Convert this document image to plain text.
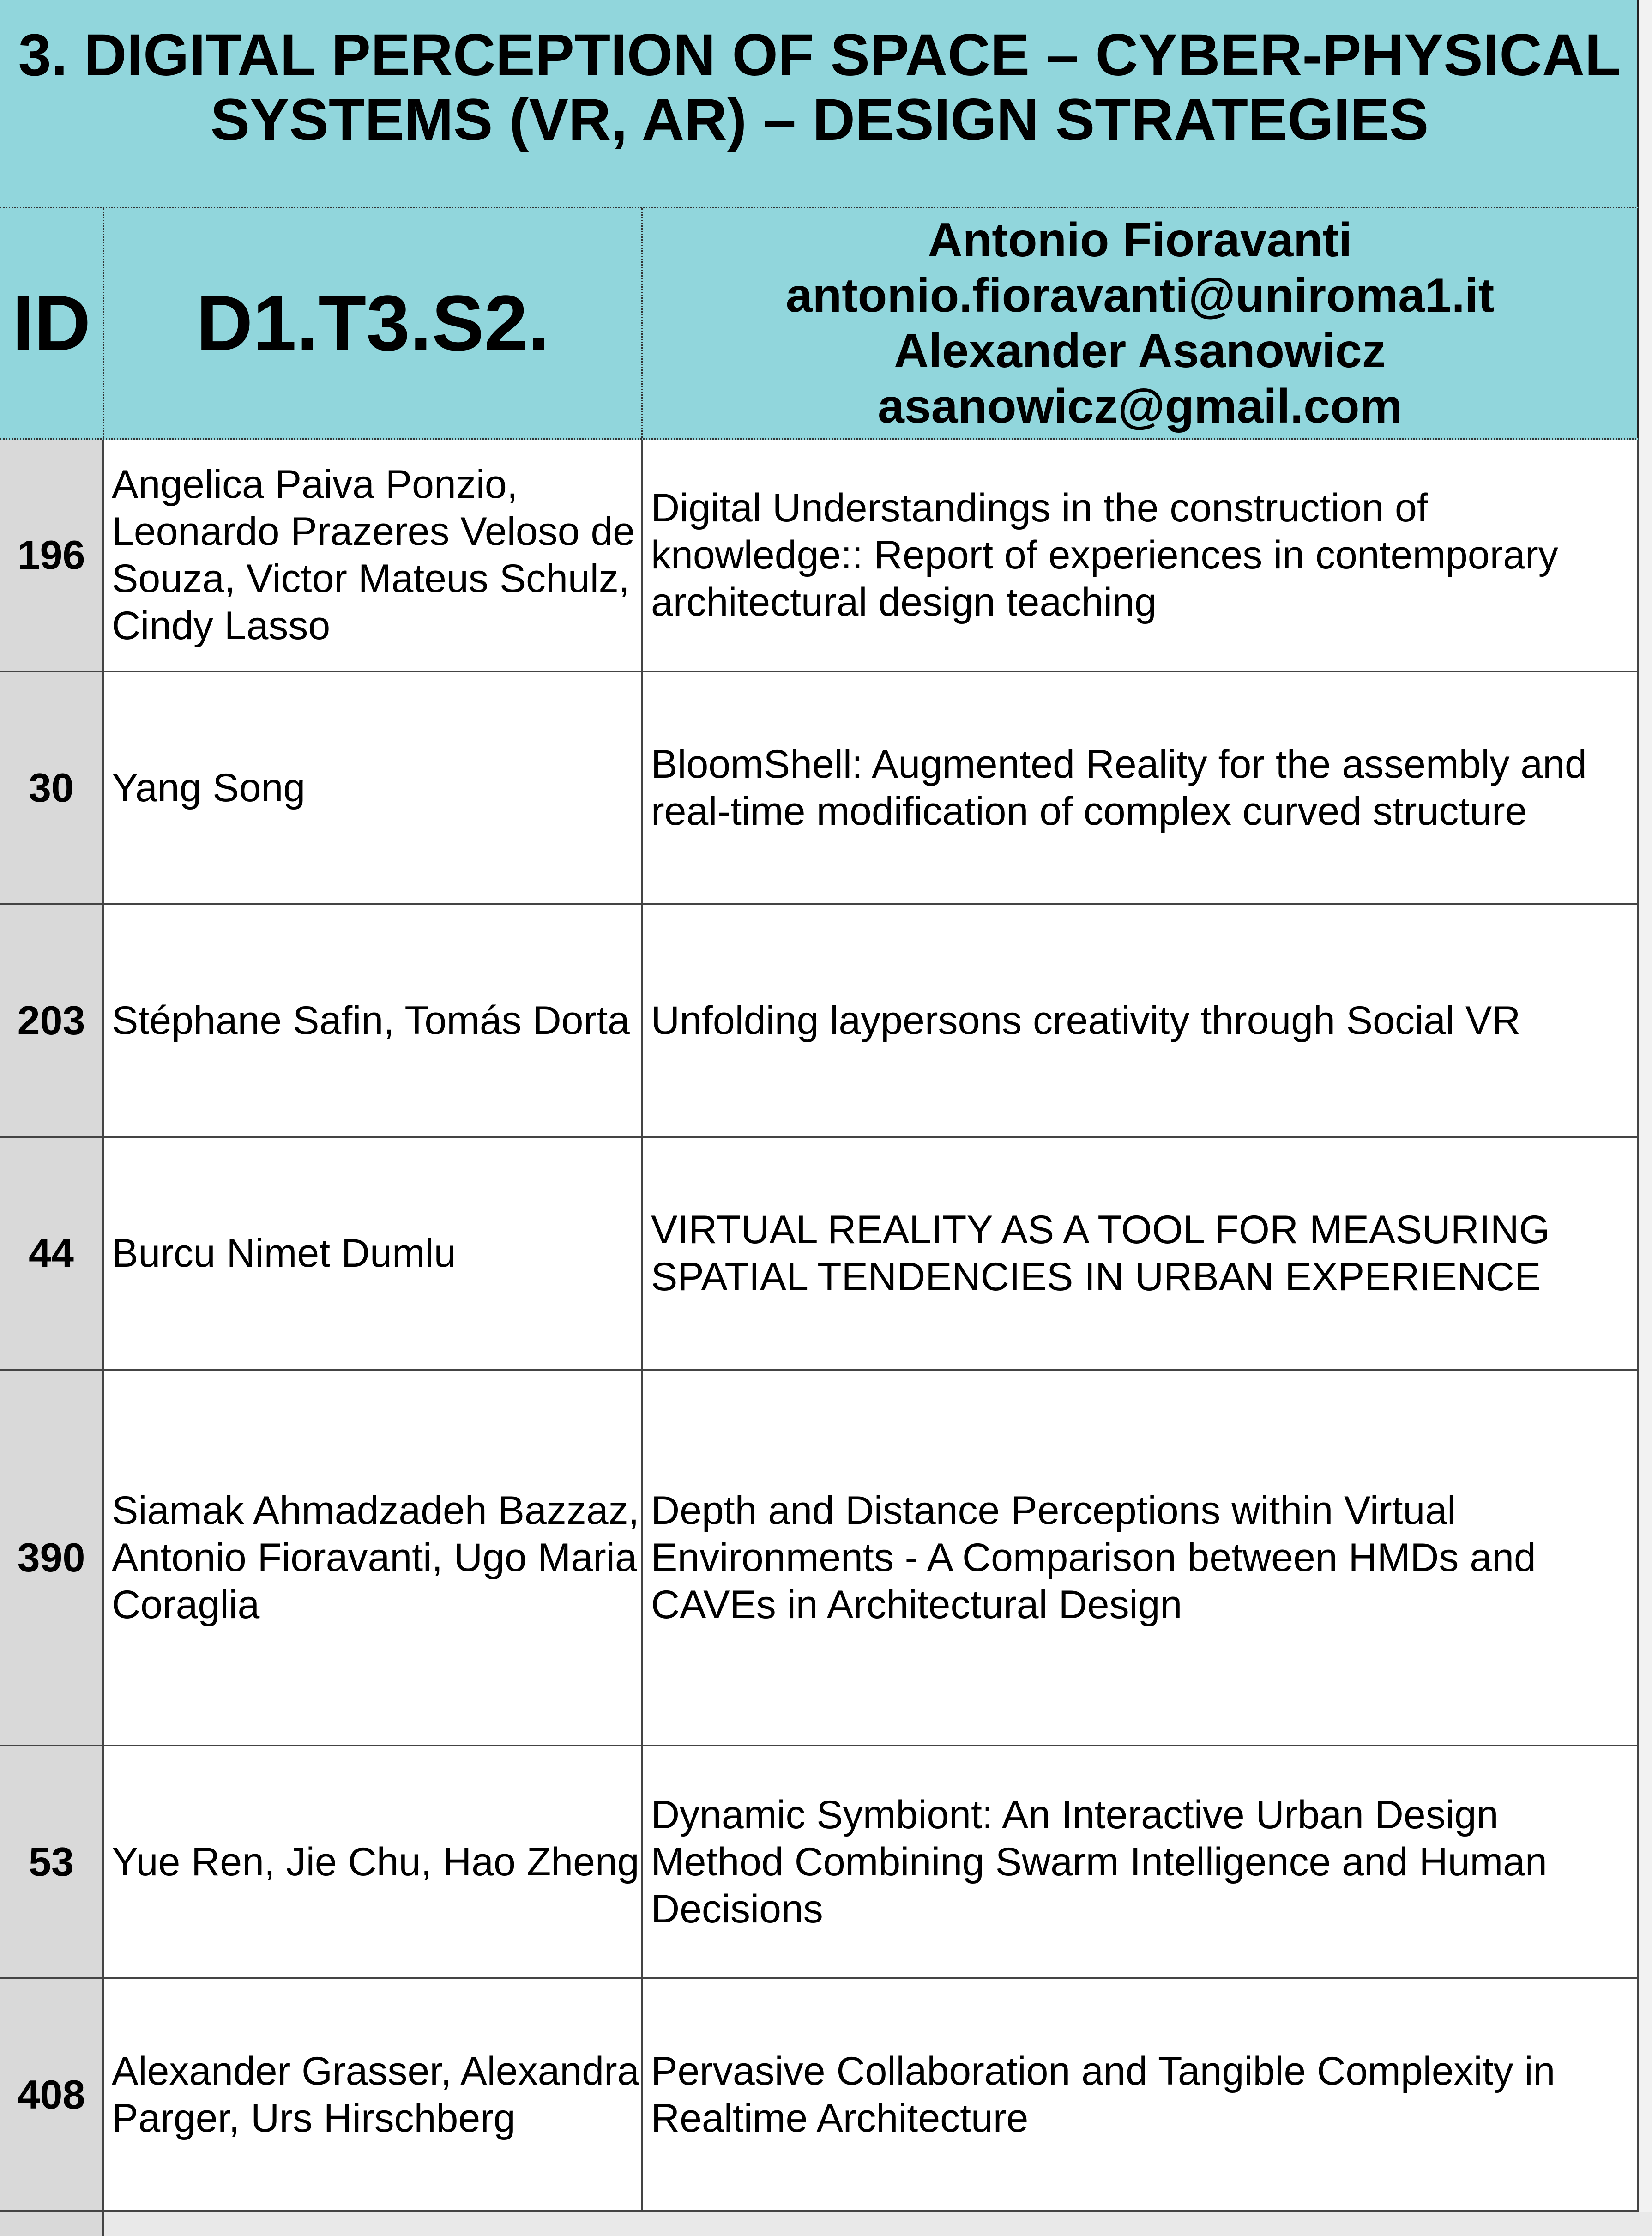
3. DIGITAL PERCEPTION OF SPACE – CYBER-PHYSICAL
SYSTEMS (VR, AR) – DESIGN STRATEGIES
ID	D1.T3.S2.
Antonio Fioravanti
antonio.fioravanti@uniroma1.it
Alexander Asanowicz
asanowicz@gmail.com
196
Angelica Paiva Ponzio, Leonardo Prazeres Veloso de Souza, Victor Mateus Schulz, Cindy Lasso
Digital Understandings in the construction of knowledge:: Report of experiences in contemporary architectural design teaching
30 Yang Song
BloomShell: Augmented Reality for the assembly and real-time modification of complex curved structure
203 Stéphane Safin, Tomás Dorta Unfolding laypersons creativity through Social VR
44 Burcu Nimet Dumlu
VIRTUAL REALITY AS A TOOL FOR MEASURING SPATIAL TENDENCIES IN URBAN EXPERIENCE
390
Siamak Ahmadzadeh Bazzaz, Antonio Fioravanti, Ugo Maria Coraglia
Depth and Distance Perceptions within Virtual Environments - A Comparison between HMDs and CAVEs in Architectural Design
53 Yue Ren, Jie Chu, Hao Zheng
Dynamic Symbiont: An Interactive Urban Design Method Combining Swarm Intelligence and Human Decisions
408
Alexander Grasser, Alexandra Parger, Urs Hirschberg
Pervasive Collaboration and Tangible Complexity in Realtime Architecture
